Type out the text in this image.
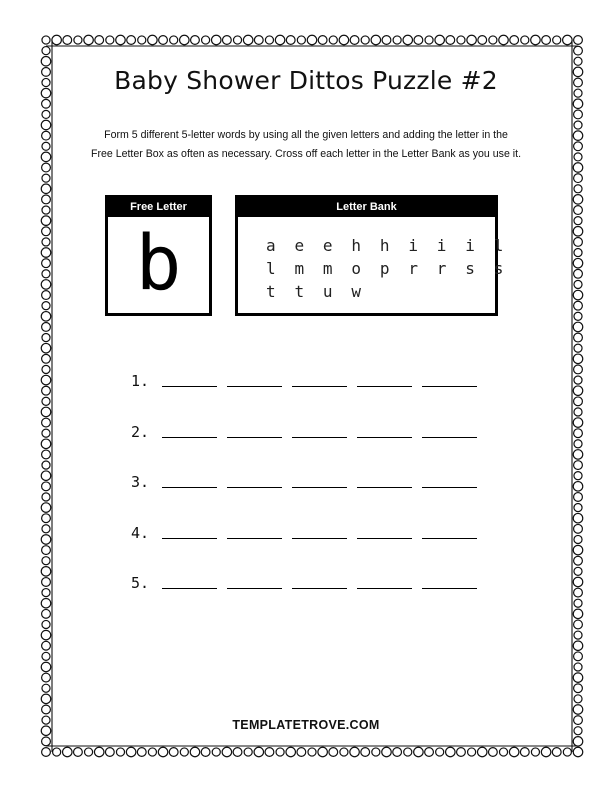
Baby Shower Dittos Puzzle #2
Form 5 different 5-letter words by using all the given letters and adding the letter in the
Free Letter Box as often as necessary. Cross off each letter in the Letter Bank as you use it.
Free Letter
b
Letter Bank
a e e h h i i i l
l m m o p r r s s
t t u w
1.
2.
3.
4.
5.
TEMPLATETROVE.COM
